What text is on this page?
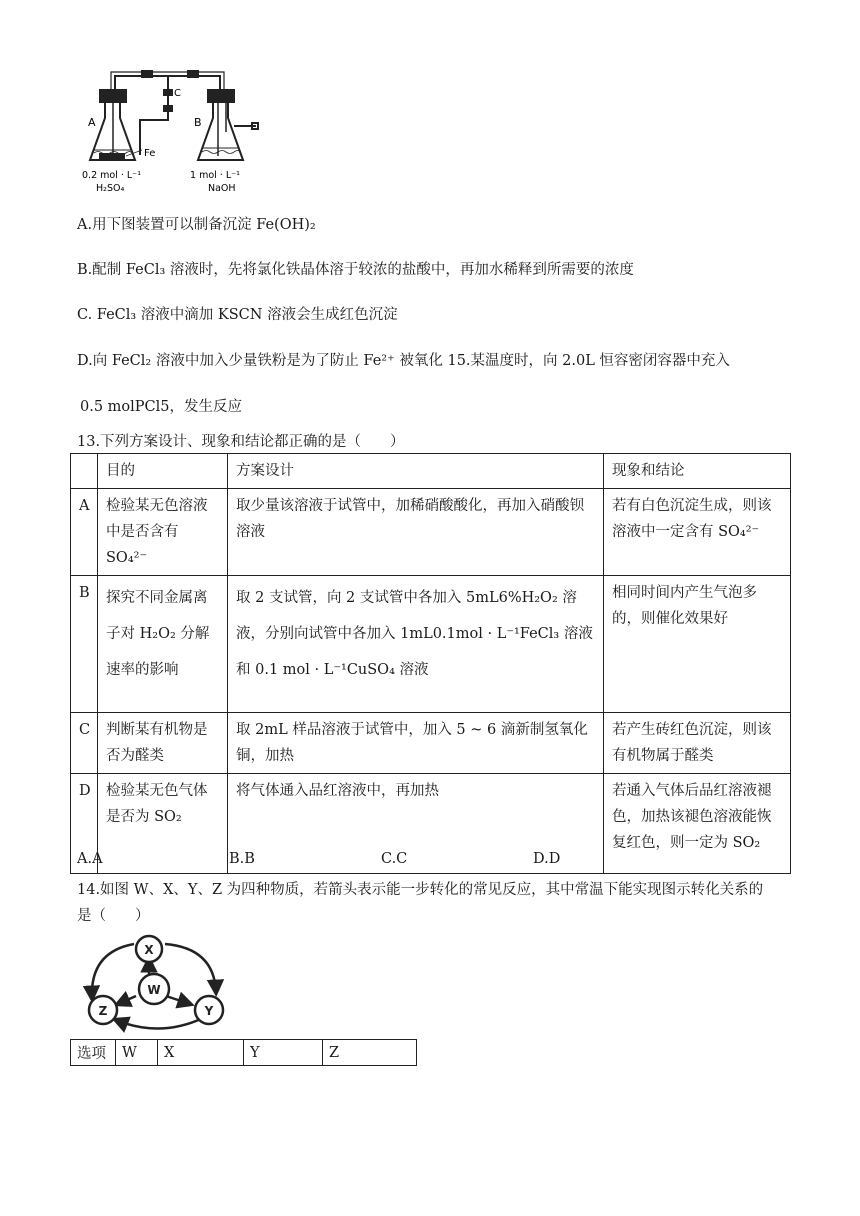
A	B
C
Fe
0.2 mol · L⁻¹
H₂SO₄
1 mol · L⁻¹
NaOH
A.用下图装置可以制备沉淀 Fe(OH)₂
B.配制 FeCl₃ 溶液时，先将氯化铁晶体溶于较浓的盐酸中，再加水稀释到所需要的浓度
C. FeCl₃ 溶液中滴加 KSCN 溶液会生成红色沉淀
D.向 FeCl₂ 溶液中加入少量铁粉是为了防止 Fe²⁺ 被氧化 15.某温度时，向 2.0L 恒容密闭容器中充入
0.5 molPCl5，发生反应
13.下列方案设计、现象和结论都正确的是（　　）
	目的	方案设计	现象和结论
A	检验某无色溶液中是否含有 SO₄²⁻	取少量该溶液于试管中，加稀硝酸酸化，再加入硝酸钡溶液	若有白色沉淀生成，则该溶液中一定含有 SO₄²⁻
B	探究不同金属离子对 H₂O₂ 分解速率的影响	取 2 支试管，向 2 支试管中各加入 5mL6%H₂O₂ 溶液，分别向试管中各加入 1mL0.1mol · L⁻¹FeCl₃ 溶液和 0.1 mol · L⁻¹CuSO₄ 溶液	相同时间内产生气泡多的，则催化效果好
C	判断某有机物是否为醛类	取 2mL 样品溶液于试管中，加入 5 ~ 6 滴新制氢氧化铜，加热	若产生砖红色沉淀，则该有机物属于醛类
D	检验某无色气体是否为 SO₂	将气体通入品红溶液中，再加热	若通入气体后品红溶液褪色，加热该褪色溶液能恢复红色，则一定为 SO₂
A.A	B.B	C.C	D.D
14.如图 W、X、Y、Z 为四种物质，若箭头表示能一步转化的常见反应，其中常温下能实现图示转化关系的
是（　　）
X
W
Z	Y
选项	W	X	Y	Z
